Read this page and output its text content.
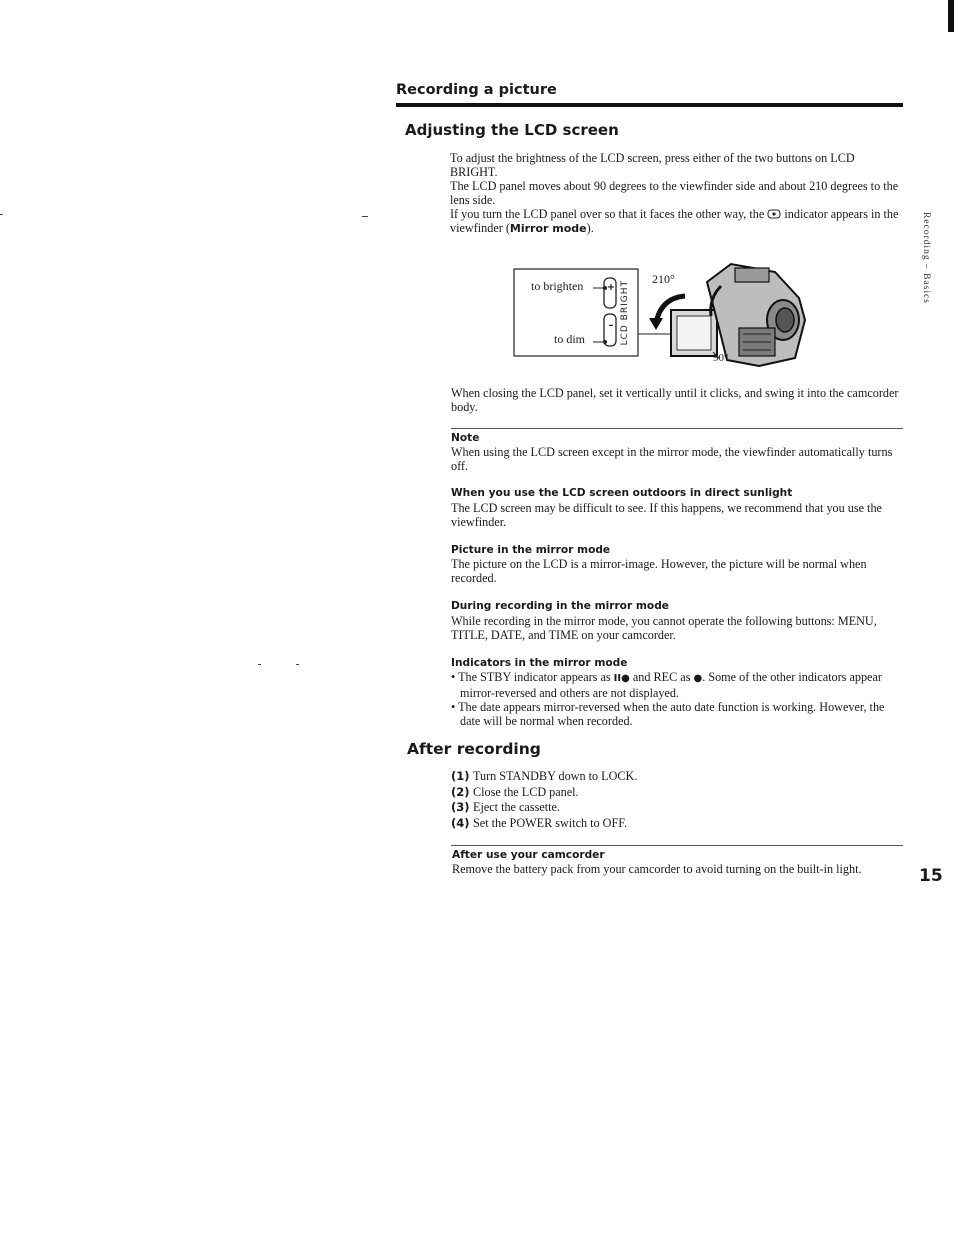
Recording a picture
Recording – Basics
Adjusting the LCD screen
To adjust the brightness of the LCD screen, press either of the two buttons on LCD BRIGHT.
The LCD panel moves about 90 degrees to the viewfinder side and about 210 degrees to the lens side.
If you turn the LCD panel over so that it faces the other way, the indicator appears in the viewfinder (Mirror mode).
to brighten
to dim
+
– LCD BRIGHT
210°
90°
When closing the LCD panel, set it vertically until it clicks, and swing it into the camcorder body.
Note
When using the LCD screen except in the mirror mode, the viewfinder automatically turns off.
When you use the LCD screen outdoors in direct sunlight
The LCD screen may be difficult to see. If this happens, we recommend that you use the viewfinder.
Picture in the mirror mode
The picture on the LCD is a mirror-image. However, the picture will be normal when recorded.
During recording in the mirror mode
While recording in the mirror mode, you cannot operate the following buttons: MENU, TITLE, DATE, and TIME on your camcorder.
Indicators in the mirror mode
• The STBY indicator appears as II● and REC as ●. Some of the other indicators appear mirror-reversed and others are not displayed.
• The date appears mirror-reversed when the auto date function is working. However, the date will be normal when recorded.
After recording
(1) Turn STANDBY down to LOCK.
(2) Close the LCD panel.
(3) Eject the cassette.
(4) Set the POWER switch to OFF.
After use your camcorder
Remove the battery pack from your camcorder to avoid turning on the built-in light.	15
